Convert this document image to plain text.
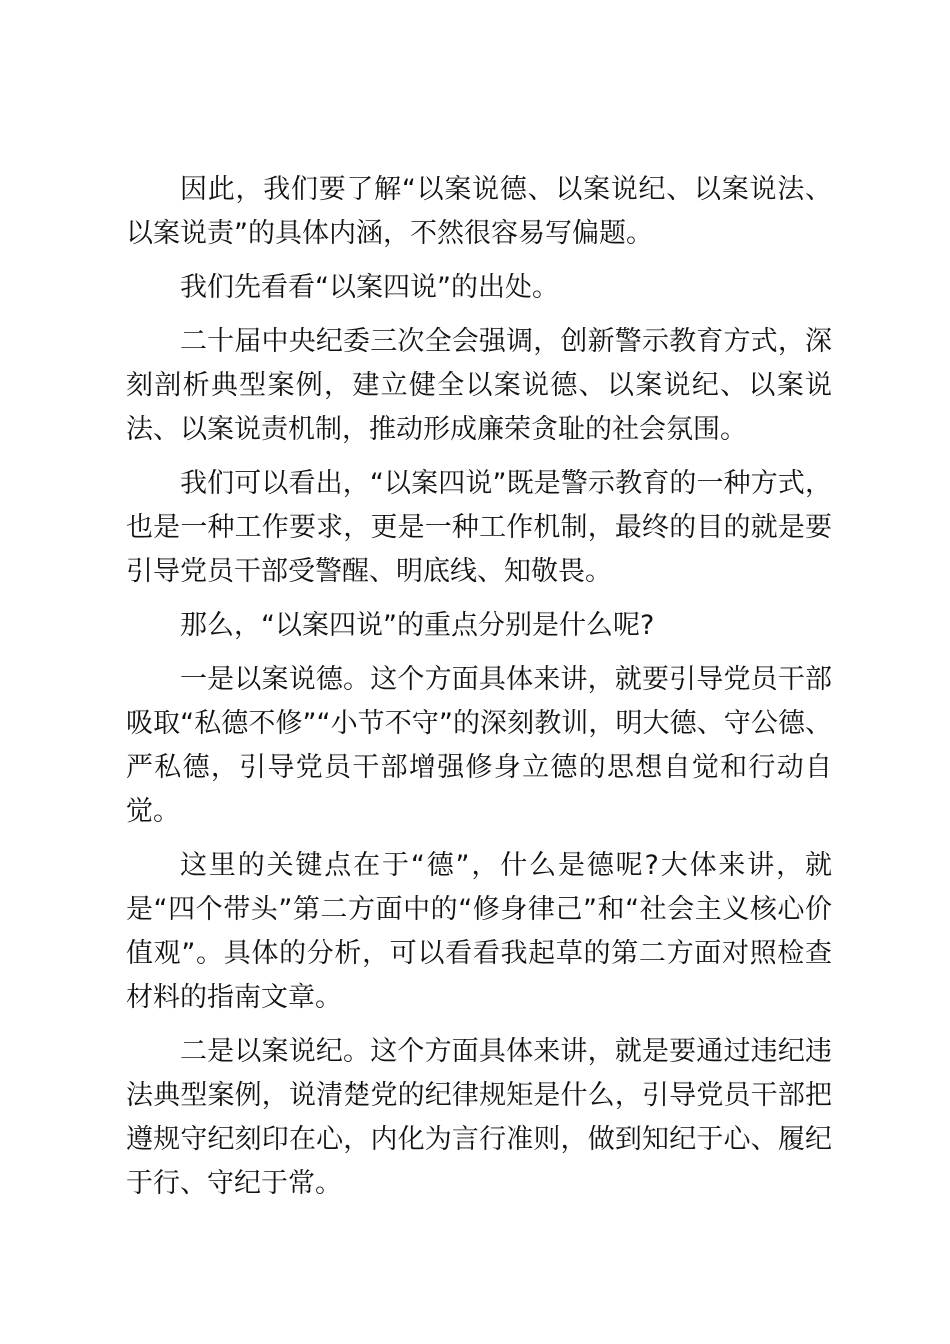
因此，我们要了解“以案说德、以案说纪、以案说法、以案说责”的具体内涵，不然很容易写偏题。

我们先看看“以案四说”的出处。

二十届中央纪委三次全会强调，创新警示教育方式，深刻剖析典型案例，建立健全以案说德、以案说纪、以案说法、以案说责机制，推动形成廉荣贪耻的社会氛围。

我们可以看出，“以案四说”既是警示教育的一种方式，也是一种工作要求，更是一种工作机制，最终的目的就是要引导党员干部受警醒、明底线、知敬畏。

那么，“以案四说”的重点分别是什么呢?

一是以案说德。这个方面具体来讲，就要引导党员干部吸取“私德不修”“小节不守”的深刻教训，明大德、守公德、严私德，引导党员干部增强修身立德的思想自觉和行动自觉。

这里的关键点在于“德”，什么是德呢?大体来讲，就是“四个带头”第二方面中的“修身律己”和“社会主义核心价值观”。具体的分析，可以看看我起草的第二方面对照检查材料的指南文章。

二是以案说纪。这个方面具体来讲，就是要通过违纪违法典型案例，说清楚党的纪律规矩是什么，引导党员干部把遵规守纪刻印在心，内化为言行准则，做到知纪于心、履纪于行、守纪于常。
